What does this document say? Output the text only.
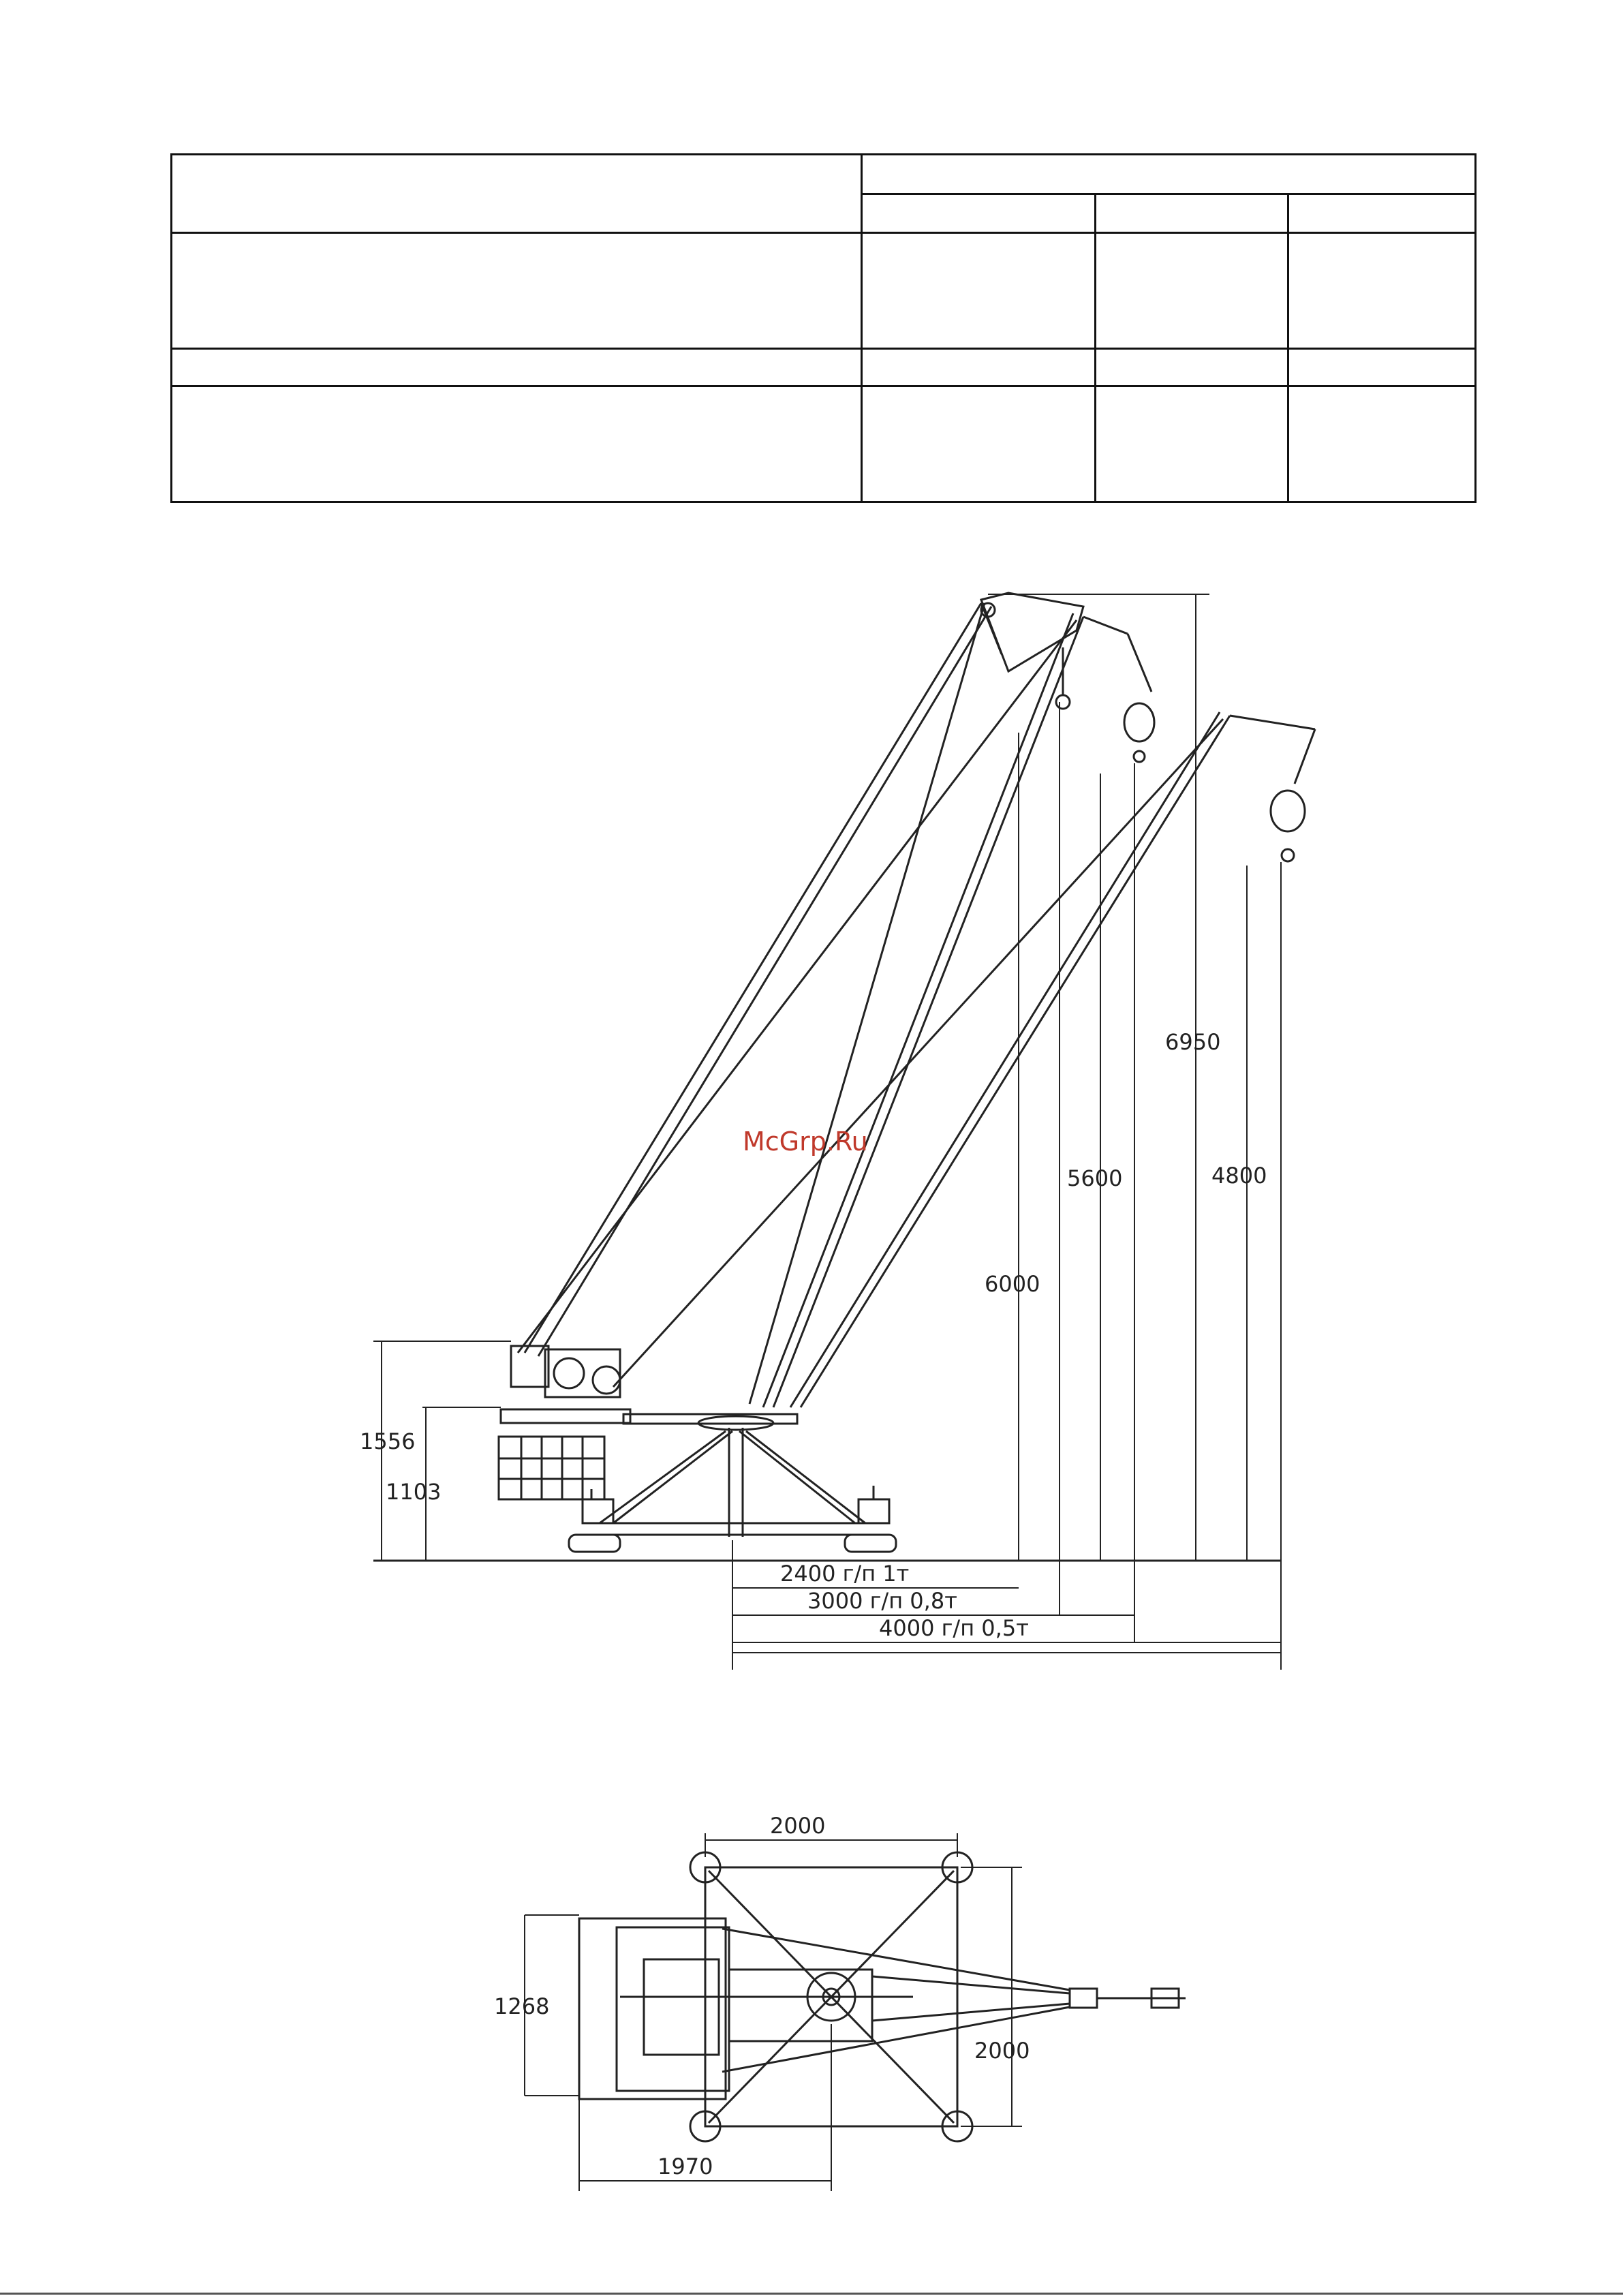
McGrp.Ru
1556
1103
6000
5600
6950
4800
2400 г/п 1т
3000 г/п 0,8т
4000 г/п 0,5т
2000
2000
1268
1970
